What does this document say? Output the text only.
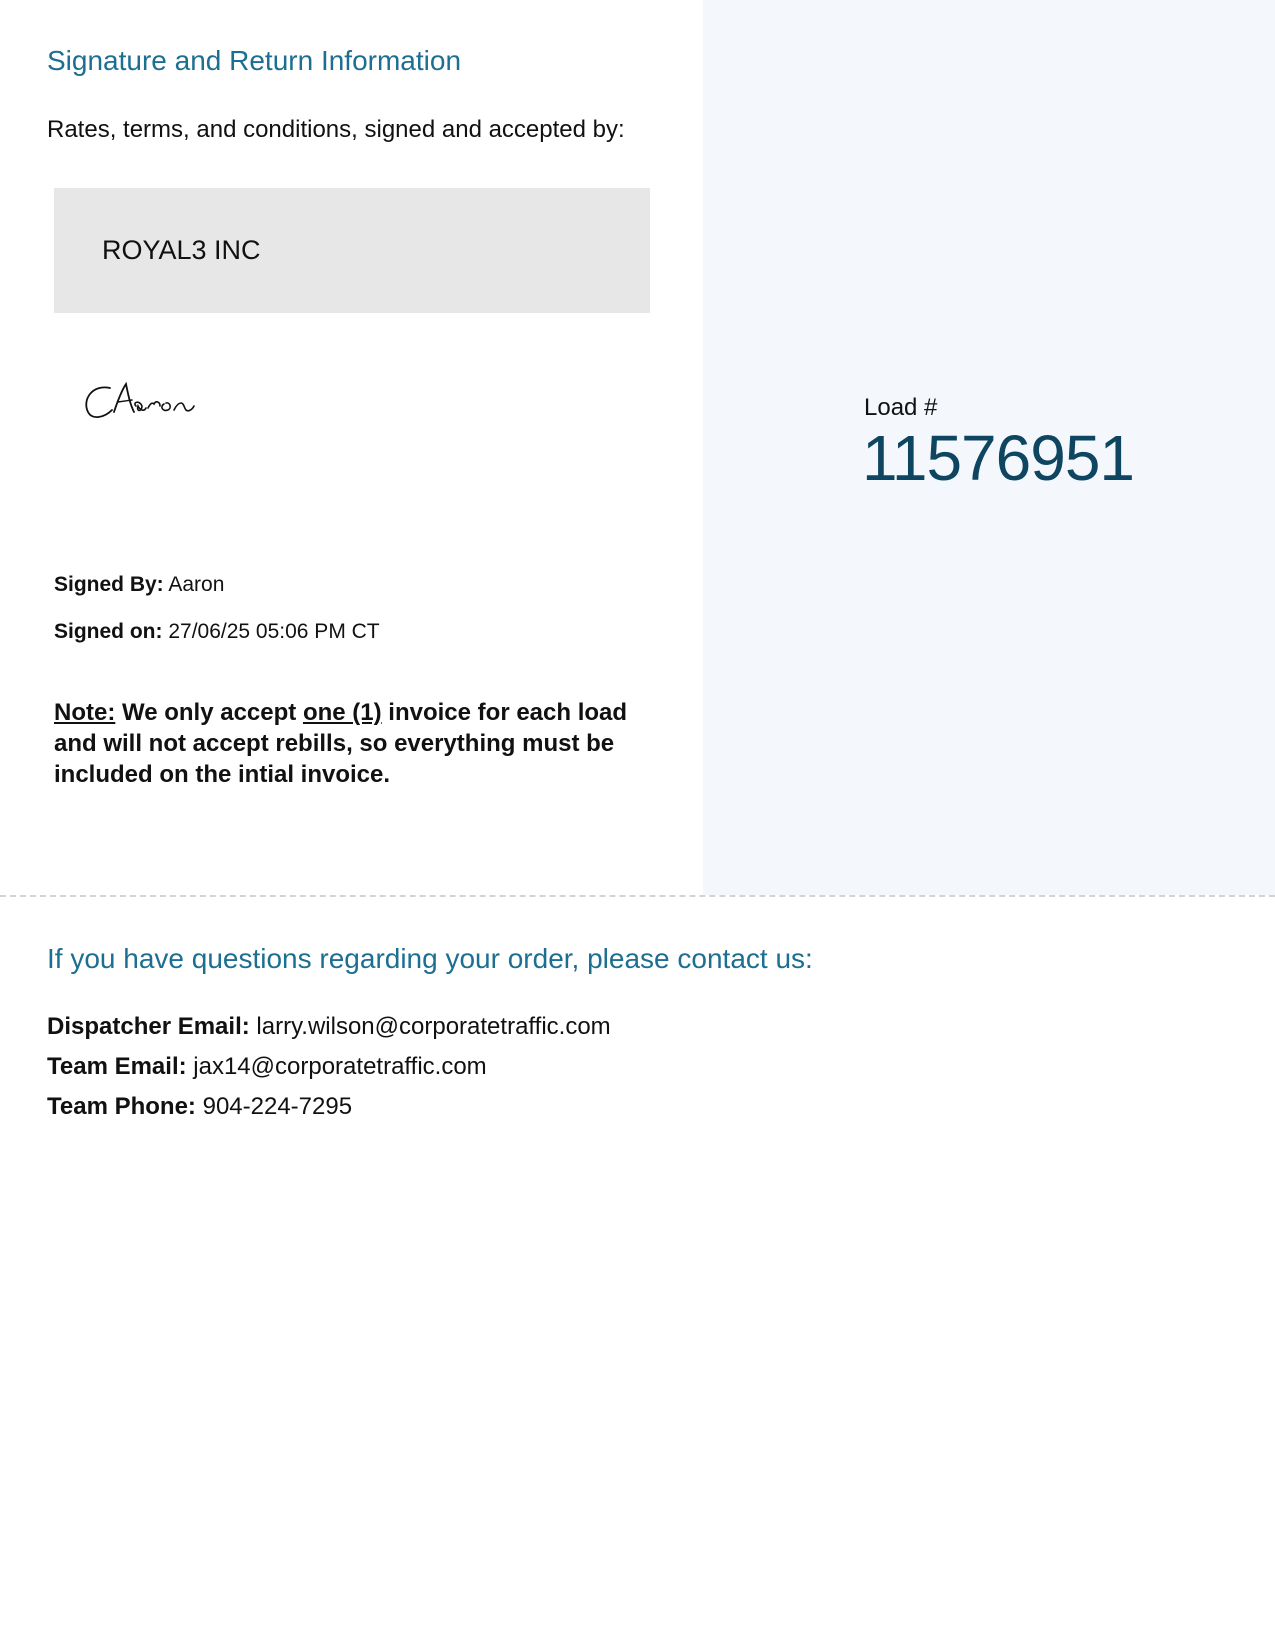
Signature and Return Information
Rates, terms, and conditions, signed and accepted by:
ROYAL3 INC
Signed By: Aaron
Signed on: 27/06/25 05:06 PM CT
Note: We only accept one (1) invoice for each load and will not accept rebills, so everything must be included on the intial invoice.
Load #
11576951
If you have questions regarding your order, please contact us:
Dispatcher Email: larry.wilson@corporatetraffic.com
Team Email: jax14@corporatetraffic.com
Team Phone: 904-224-7295
